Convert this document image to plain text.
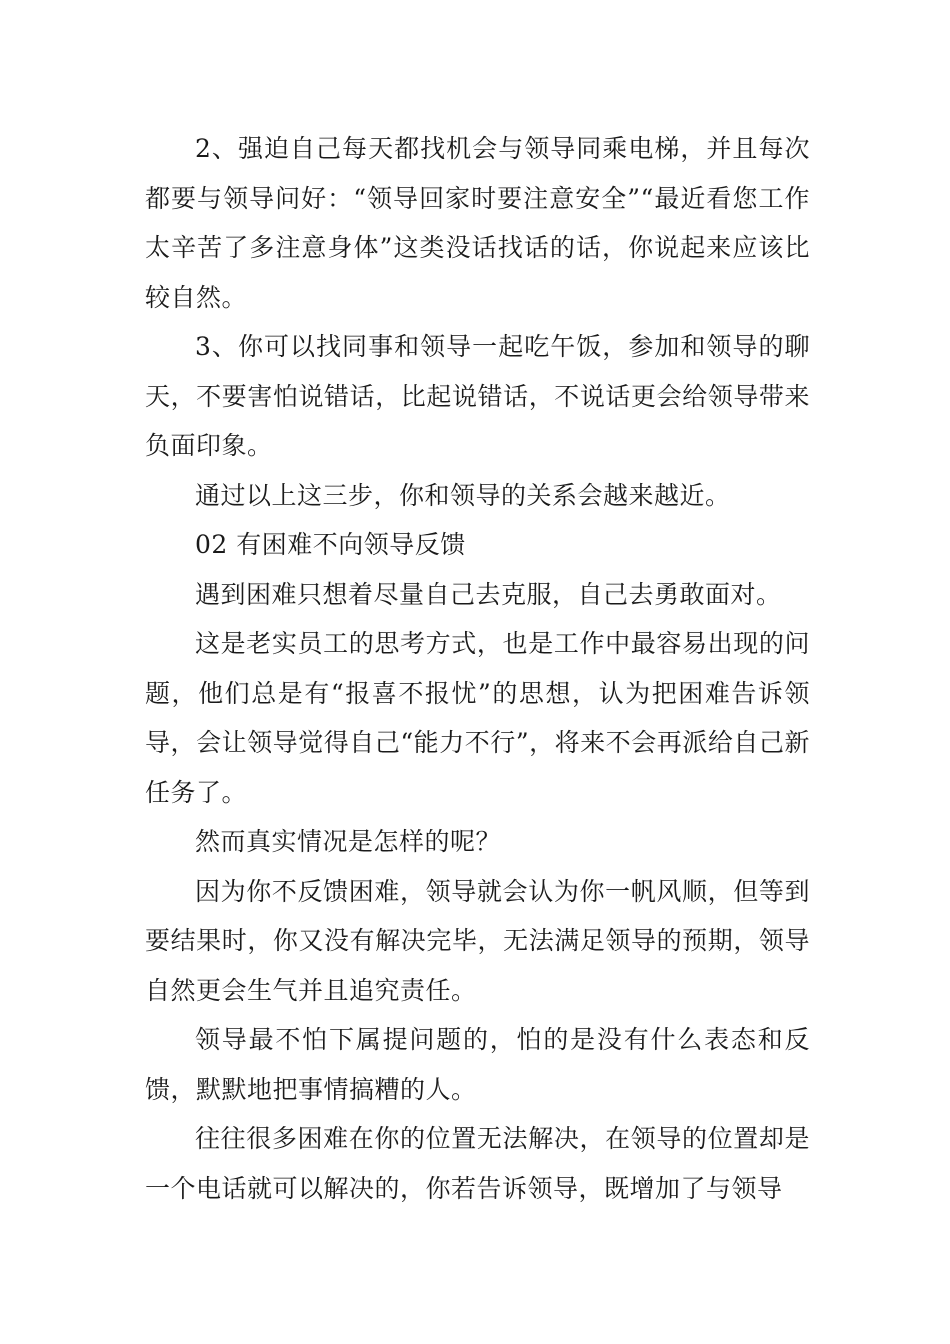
2、强迫自己每天都找机会与领导同乘电梯，并且每次都要与领导问好：“领导回家时要注意安全”“最近看您工作太辛苦了多注意身体”这类没话找话的话，你说起来应该比较自然。

3、你可以找同事和领导一起吃午饭，参加和领导的聊天，不要害怕说错话，比起说错话，不说话更会给领导带来负面印象。

通过以上这三步，你和领导的关系会越来越近。

02 有困难不向领导反馈

遇到困难只想着尽量自己去克服，自己去勇敢面对。

这是老实员工的思考方式，也是工作中最容易出现的问题，他们总是有“报喜不报忧”的思想，认为把困难告诉领导，会让领导觉得自己“能力不行”，将来不会再派给自己新任务了。

然而真实情况是怎样的呢？

因为你不反馈困难，领导就会认为你一帆风顺，但等到要结果时，你又没有解决完毕，无法满足领导的预期，领导自然更会生气并且追究责任。

领导最不怕下属提问题的，怕的是没有什么表态和反馈，默默地把事情搞糟的人。

往往很多困难在你的位置无法解决，在领导的位置却是一个电话就可以解决的，你若告诉领导，既增加了与领导
